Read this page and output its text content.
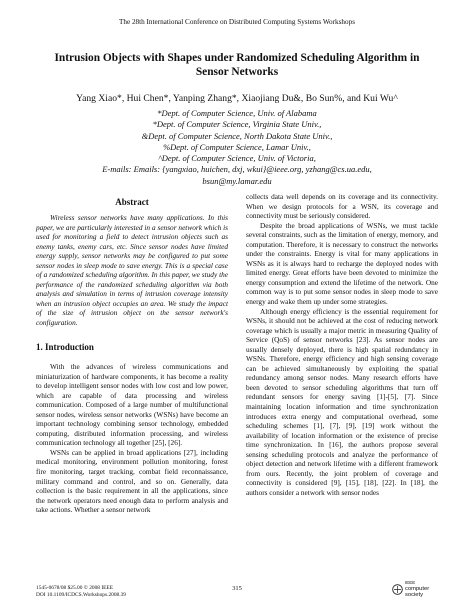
The 28th International Conference on Distributed Computing Systems Workshops
Intrusion Objects with Shapes under Randomized Scheduling Algorithm in
Sensor Networks
Yang Xiao*, Hui Chen*, Yanping Zhang*, Xiaojiang Du&, Bo Sun%, and Kui Wu^
*Dept. of Computer Science, Univ. of Alabama
*Dept. of Computer Science, Virginia State Univ.,
&Dept. of Computer Science, North Dakota State Univ.,
%Dept. of Computer Science, Lamar Univ.,
^Dept. of Computer Science, Univ. of Victoria,
E-mails: Emails: {yangxiao, huichen, dxj, wkui}@ieee.org, yzhang@cs.ua.edu,
bsun@my.lamar.edu
Abstract

Wireless sensor networks have many applications. In this paper, we are particularly interested in a sensor network which is used for monitoring a field to detect intrusion objects such as enemy tanks, enemy cars, etc. Since sensor nodes have limited energy supply, sensor networks may be configured to put some sensor nodes in sleep mode to save energy. This is a special case of a randomized scheduling algorithm. In this paper, we study the performance of the randomized scheduling algorithm via both analysis and simulation in terms of intrusion coverage intensity when an intrusion object occupies an area. We study the impact of the size of intrusion object on the sensor network's configuration.

1. Introduction

With the advances of wireless communications and miniaturization of hardware components, it has become a reality to develop intelligent sensor nodes with low cost and low power, which are capable of data processing and wireless communication. Composed of a large number of multifunctional sensor nodes, wireless sensor networks (WSNs) have become an important technology combining sensor technology, embedded computing, distributed information processing, and wireless communication technology all together [25], [26].

WSNs can be applied in broad applications [27], including medical monitoring, environment pollution monitoring, forest fire monitoring, target tracking, combat field reconnaissance, military command and control, and so on. Generally, data collection is the basic requirement in all the applications, since the network operators need enough data to perform analysis and take actions. Whether a sensor network

collects data well depends on its coverage and its connectivity. When we design protocols for a WSN, its coverage and connectivity must be seriously considered.

Despite the broad applications of WSNs, we must tackle several constraints, such as the limitation of energy, memory, and computation. Therefore, it is necessary to construct the networks under the constraints. Energy is vital for many applications in WSNs as it is always hard to recharge the deployed nodes with limited energy. Great efforts have been devoted to minimize the energy consumption and extend the lifetime of the network. One common way is to put some sensor nodes in sleep mode to save energy and wake them up under some strategies.

Although energy efficiency is the essential requirement for WSNs, it should not be achieved at the cost of reducing network coverage which is usually a major metric in measuring Quality of Service (QoS) of sensor networks [23]. As sensor nodes are usually densely deployed, there is high spatial redundancy in WSNs. Therefore, energy efficiency and high sensing coverage can be achieved simultaneously by exploiting the spatial redundancy among sensor nodes. Many research efforts have been devoted to sensor scheduling algorithms that turn off redundant sensors for energy saving [1]-[5], [7]. Since maintaining location information and time synchronization introduces extra energy and computational overhead, some scheduling schemes [1], [7], [9], [19] work without the availability of location information or the existence of precise time synchronization. In [16], the authors propose several sensing scheduling protocols and analyze the performance of object detection and network lifetime with a different framework from ours. Recently, the joint problem of coverage and connectivity is considered [9], [15], [18], [22]. In [18], the authors consider a network with sensor nodes

1545-0678/08 $25.00 © 2008 IEEE
DOI 10.1109/ICDCS.Workshops.2008.39
315
IEEE
computer
society
